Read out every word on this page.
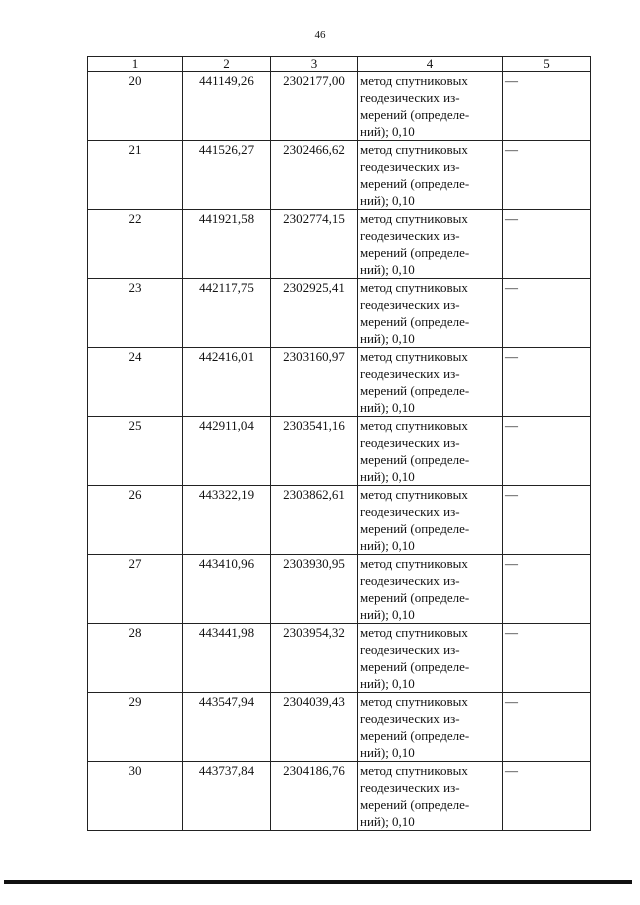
46
1	2	3	4	5
20	441149,26	2302177,00	метод спутниковых
геодезических из-
мерений (определе-
ний); 0,10	—
21	441526,27	2302466,62	метод спутниковых
геодезических из-
мерений (определе-
ний); 0,10	—
22	441921,58	2302774,15	метод спутниковых
геодезических из-
мерений (определе-
ний); 0,10	—
23	442117,75	2302925,41	метод спутниковых
геодезических из-
мерений (определе-
ний); 0,10	—
24	442416,01	2303160,97	метод спутниковых
геодезических из-
мерений (определе-
ний); 0,10	—
25	442911,04	2303541,16	метод спутниковых
геодезических из-
мерений (определе-
ний); 0,10	—
26	443322,19	2303862,61	метод спутниковых
геодезических из-
мерений (определе-
ний); 0,10	—
27	443410,96	2303930,95	метод спутниковых
геодезических из-
мерений (определе-
ний); 0,10	—
28	443441,98	2303954,32	метод спутниковых
геодезических из-
мерений (определе-
ний); 0,10	—
29	443547,94	2304039,43	метод спутниковых
геодезических из-
мерений (определе-
ний); 0,10	—
30	443737,84	2304186,76	метод спутниковых
геодезических из-
мерений (определе-
ний); 0,10	—
